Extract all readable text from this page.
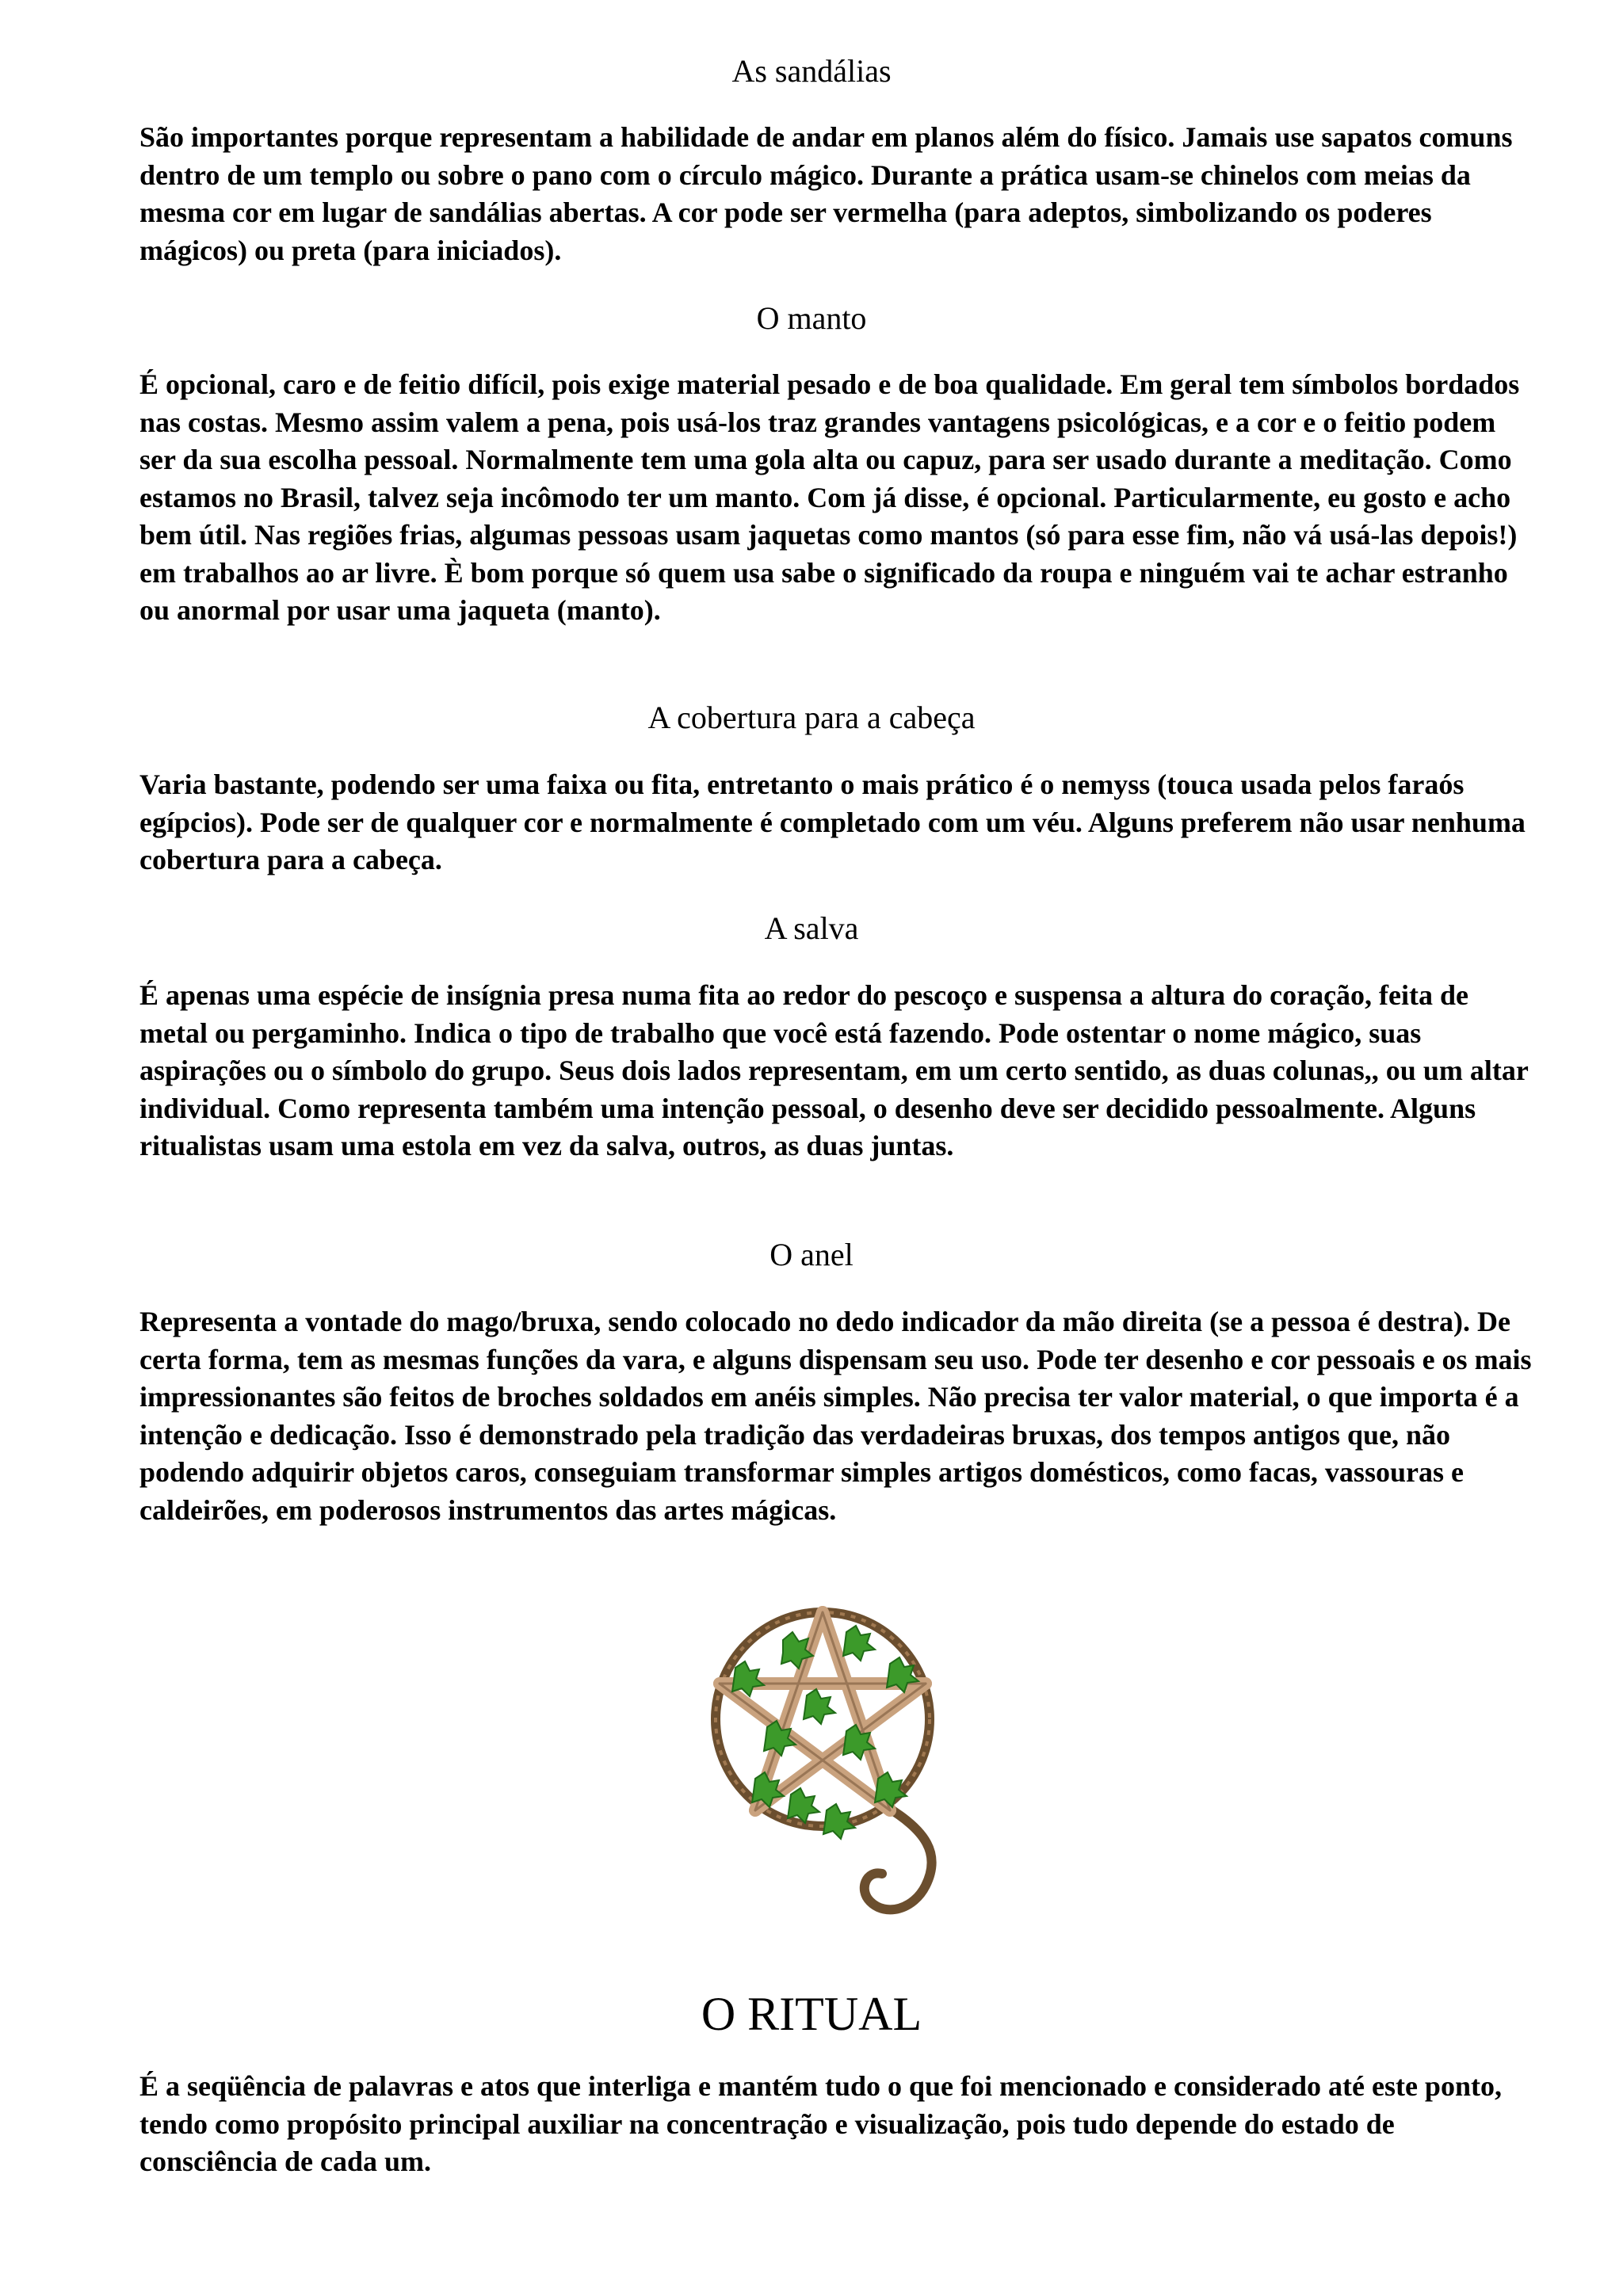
As sandálias

São importantes porque representam a habilidade de andar em planos além do físico. Jamais use sapatos comuns dentro de um templo ou sobre o pano com o círculo mágico. Durante a prática usam-se chinelos com meias da mesma cor em lugar de sandálias abertas. A cor pode ser vermelha (para adeptos, simbolizando os poderes mágicos) ou preta (para iniciados).

O manto

É opcional, caro e de feitio difícil, pois exige material pesado e de boa qualidade. Em geral tem símbolos bordados nas costas. Mesmo assim valem a pena, pois usá-los traz grandes vantagens psicológicas, e a cor e o feitio podem ser da sua escolha pessoal. Normalmente tem uma gola alta ou capuz, para ser usado durante a meditação. Como estamos no Brasil, talvez seja incômodo ter um manto. Com já disse, é opcional. Particularmente, eu gosto e acho bem útil. Nas regiões frias, algumas pessoas usam jaquetas como mantos (só para esse fim, não vá usá-las depois!) em trabalhos ao ar livre. È bom porque só quem usa sabe o significado da roupa e ninguém vai te achar estranho ou anormal por usar uma jaqueta (manto).

A cobertura para a cabeça

Varia bastante, podendo ser uma faixa ou fita, entretanto o mais prático é o nemyss (touca usada pelos faraós egípcios). Pode ser de qualquer cor e normalmente é completado com um véu. Alguns preferem não usar nenhuma cobertura para a cabeça.

A salva

É apenas uma espécie de insígnia presa numa fita ao redor do pescoço e suspensa a altura do coração, feita de metal ou pergaminho. Indica o tipo de trabalho que você está fazendo. Pode ostentar o nome mágico, suas aspirações ou o símbolo do grupo. Seus dois lados representam, em um certo sentido, as duas colunas,, ou um altar individual. Como representa também uma intenção pessoal, o desenho deve ser decidido pessoalmente. Alguns ritualistas usam uma estola em vez da salva, outros, as duas juntas.

O anel

Representa a vontade do mago/bruxa, sendo colocado no dedo indicador da mão direita (se a pessoa é destra). De certa forma, tem as mesmas funções da vara, e alguns dispensam seu uso. Pode ter desenho e cor pessoais e os mais impressionantes são feitos de broches soldados em anéis simples. Não precisa ter valor material, o que importa é a intenção e dedicação. Isso é demonstrado pela tradição das verdadeiras bruxas, dos tempos antigos que, não podendo adquirir objetos caros, conseguiam transformar simples artigos domésticos, como facas, vassouras e caldeirões, em poderosos instrumentos das artes mágicas.

O RITUAL

É a seqüência de palavras e atos que interliga e mantém tudo o que foi mencionado e considerado até este ponto, tendo como propósito principal auxiliar na concentração e visualização, pois tudo depende do estado de consciência de cada um.
